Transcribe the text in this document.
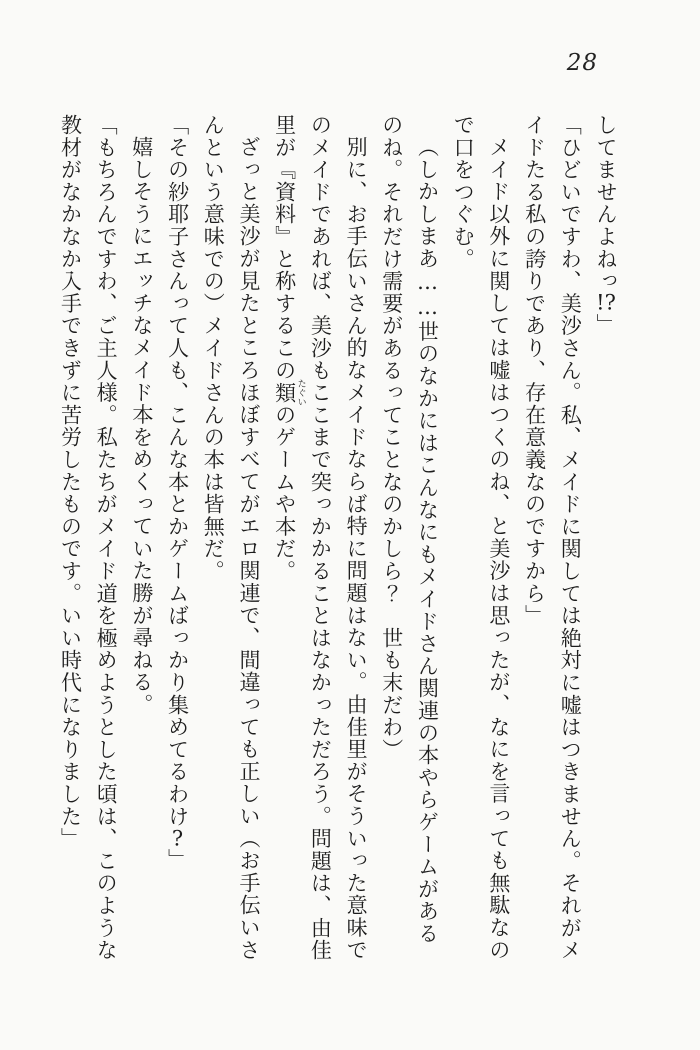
28
してませんよねっ!?」
「ひどいですわ、美沙さん。私、メイドに関しては絶対に嘘はつきません。それがメイドたる私の誇りであり、存在意義なのですから」
メイド以外に関しては嘘はつくのね、と美沙は思ったが、なにを言っても無駄なので口をつぐむ。
（しかしまあ……世のなかにはこんなにもメイドさん関連の本やらゲームがあるのね。それだけ需要があるってことなのかしら？　世も末だわ）
別に、お手伝いさん的なメイドならば特に問題はない。由佳里がそういった意味でのメイドであれば、美沙もここまで突っかかることはなかっただろう。問題は、由佳里が『資料』と称するこの類 たぐいのゲームや本だ。
ざっと美沙が見たところほぼすべてがエロ関連で、間違っても正しい（お手伝いさんという意味での）メイドさんの本は皆無だ。
「その紗耶子さんって人も、こんな本とかゲームばっかり集めてるわけ?」
嬉しそうにエッチなメイド本をめくっていた勝が尋ねる。
「もちろんですわ、ご主人様。私たちがメイド道を極めようとした頃は、このような教材がなかなか入手できずに苦労したものです。いい時代になりました」
